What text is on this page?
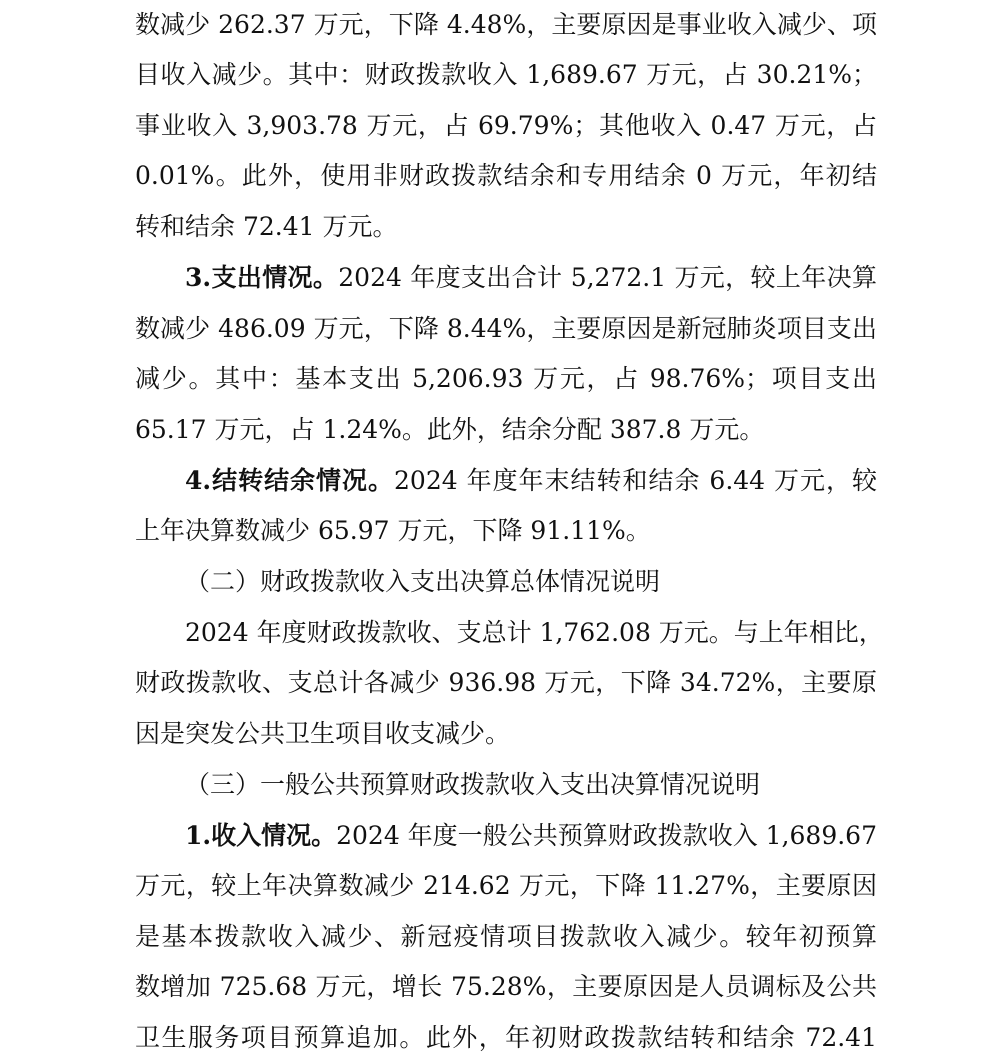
数减少 262.37 万元，下降 4.48%，主要原因是事业收入减少、项
目收入减少。其中：财政拨款收入 1,689.67 万元，占 30.21%；
事业收入 3,903.78 万元，占 69.79%；其他收入 0.47 万元，占
0.01%。此外，使用非财政拨款结余和专用结余 0 万元，年初结
转和结余 72.41 万元。
3.支出情况。2024 年度支出合计 5,272.1 万元，较上年决算
数减少 486.09 万元，下降 8.44%，主要原因是新冠肺炎项目支出
减少。其中：基本支出 5,206.93 万元，占 98.76%；项目支出
65.17 万元，占 1.24%。此外，结余分配 387.8 万元。
4.结转结余情况。2024 年度年末结转和结余 6.44 万元，较
上年决算数减少 65.97 万元，下降 91.11%。
（二）财政拨款收入支出决算总体情况说明
2024 年度财政拨款收、支总计 1,762.08 万元。与上年相比，
财政拨款收、支总计各减少 936.98 万元，下降 34.72%，主要原
因是突发公共卫生项目收支减少。
（三）一般公共预算财政拨款收入支出决算情况说明
1.收入情况。2024 年度一般公共预算财政拨款收入 1,689.67
万元，较上年决算数减少 214.62 万元，下降 11.27%，主要原因
是基本拨款收入减少、新冠疫情项目拨款收入减少。较年初预算
数增加 725.68 万元，增长 75.28%，主要原因是人员调标及公共
卫生服务项目预算追加。此外，年初财政拨款结转和结余 72.41
